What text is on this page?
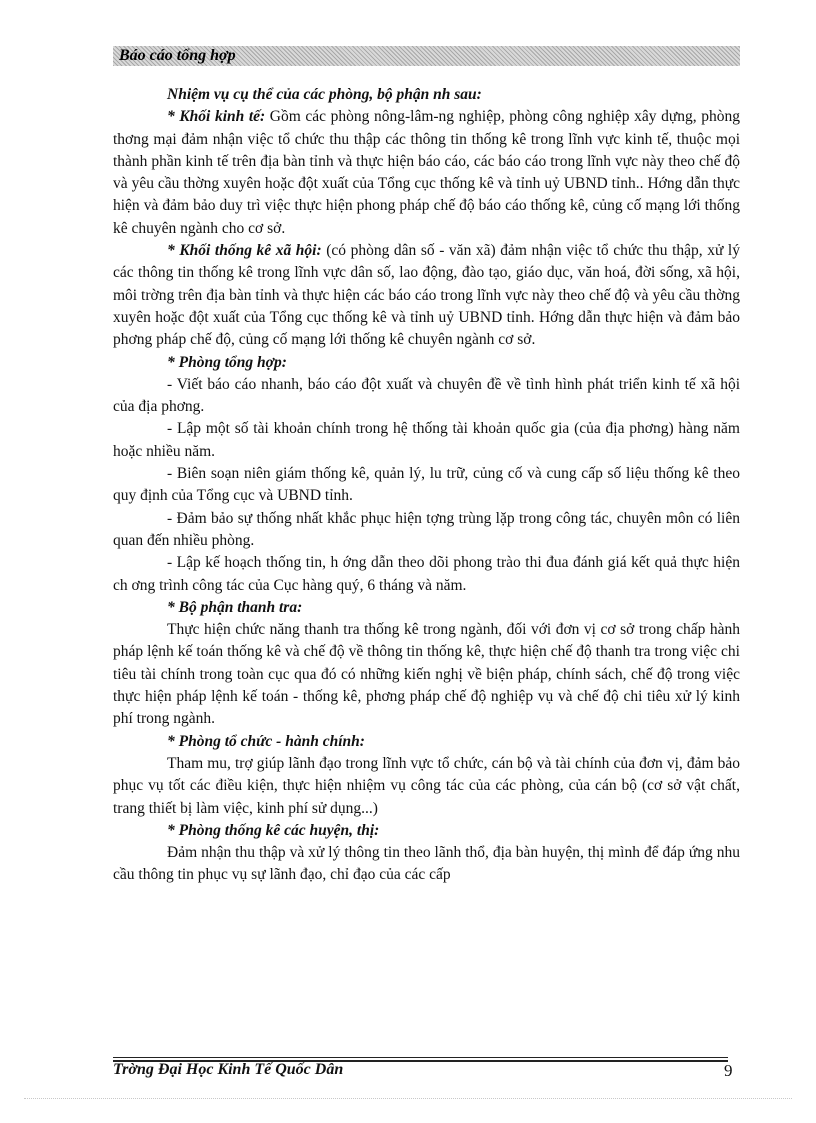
Báo cáo tổng hợp

Nhiệm vụ cụ thể của các phòng, bộ phận nh sau:

* Khối kinh tế: Gồm các phòng nông-lâm-ng nghiệp, phòng công nghiệp xây dựng, phòng thơng mại đảm nhận việc tổ chức thu thập các thông tin thống kê trong lĩnh vực kinh tế, thuộc mọi thành phần kinh tế trên địa bàn tỉnh và thực hiện báo cáo, các báo cáo trong lĩnh vực này theo chế độ và yêu cầu thờng xuyên hoặc đột xuất của Tổng cục thống kê và tỉnh uỷ UBND tỉnh.. Hớng dẫn thực hiện và đảm bảo duy trì việc thực hiện phong pháp chế độ báo cáo thống kê, củng cố mạng lới thống kê chuyên ngành cho cơ sở.

* Khối thống kê xã hội: (có phòng dân số - văn xã) đảm nhận việc tổ chức thu thập, xử lý các thông tin thống kê trong lĩnh vực dân số, lao động, đào tạo, giáo dục, văn hoá, đời sống, xã hội, môi trờng trên địa bàn tỉnh và thực hiện các báo cáo trong lĩnh vực này theo chế độ và yêu cầu thờng xuyên hoặc đột xuất của Tổng cục thống kê và tỉnh uỷ UBND tỉnh. Hớng dẫn thực hiện và đảm bảo phơng pháp chế độ, củng cố mạng lới thống kê chuyên ngành cơ sở.

* Phòng tổng hợp:

- Viết báo cáo nhanh, báo cáo đột xuất và chuyên đề về tình hình phát triển kinh tế xã hội của địa phơng.

- Lập một số tài khoản chính trong hệ thống tài khoản quốc gia (của địa phơng) hàng năm hoặc nhiều năm.

- Biên soạn niên giám thống kê, quản lý, lu trữ, củng cố và cung cấp số liệu thống kê theo quy định của Tổng cục và UBND tỉnh.

- Đảm bảo sự thống nhất khắc phục hiện tợng trùng lặp trong công tác, chuyên môn có liên quan đến nhiều phòng.

- Lập kế hoạch thống tin, h ớng dẫn theo dõi phong trào thi đua đánh giá kết quả thực hiện ch ơng trình công tác của Cục hàng quý, 6 tháng và năm.

* Bộ phận thanh tra:

Thực hiện chức năng thanh tra thống kê trong ngành, đối với đơn vị cơ sở trong chấp hành pháp lệnh kế toán thống kê và chế độ về thông tin thống kê, thực hiện chế độ thanh tra trong việc chi tiêu tài chính trong toàn cục qua đó có những kiến nghị về biện pháp, chính sách, chế độ trong việc thực hiện pháp lệnh kế toán - thống kê, phơng pháp chế độ nghiệp vụ và chế độ chi tiêu xử lý kinh phí trong ngành.

* Phòng tổ chức - hành chính:

Tham mu, trợ giúp lãnh đạo trong lĩnh vực tổ chức, cán bộ và tài chính của đơn vị, đảm bảo phục vụ tốt các điều kiện, thực hiện nhiệm vụ công tác của các phòng, của cán bộ (cơ sở vật chất, trang thiết bị làm việc, kinh phí sử dụng...)

* Phòng thống kê các huyện, thị:

Đảm nhận thu thập và xử lý thông tin theo lãnh thổ, địa bàn huyện, thị mình để đáp ứng nhu cầu thông tin phục vụ sự lãnh đạo, chỉ đạo của các cấp

Trờng Đại Học Kinh Tế Quốc Dân	9
